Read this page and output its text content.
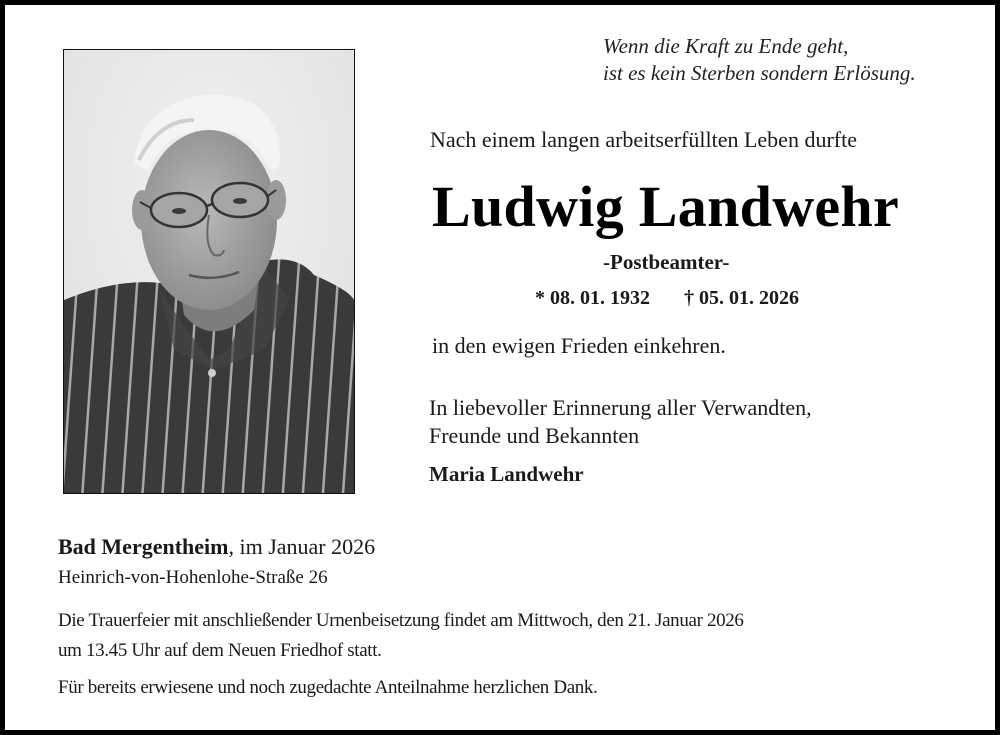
Wenn die Kraft zu Ende geht,
ist es kein Sterben sondern Erlösung.
Nach einem langen arbeitserfüllten Leben durfte
Ludwig Landwehr
-Postbeamter-
* 08. 01. 1932 † 05. 01. 2026
in den ewigen Frieden einkehren.
In liebevoller Erinnerung aller Verwandten,
Freunde und Bekannten
Maria Landwehr
Bad Mergentheim, im Januar 2026
Heinrich-von-Hohenlohe-Straße 26
Die Trauerfeier mit anschließender Urnenbeisetzung findet am Mittwoch, den 21. Januar 2026
um 13.45 Uhr auf dem Neuen Friedhof statt.
Für bereits erwiesene und noch zugedachte Anteilnahme herzlichen Dank.
